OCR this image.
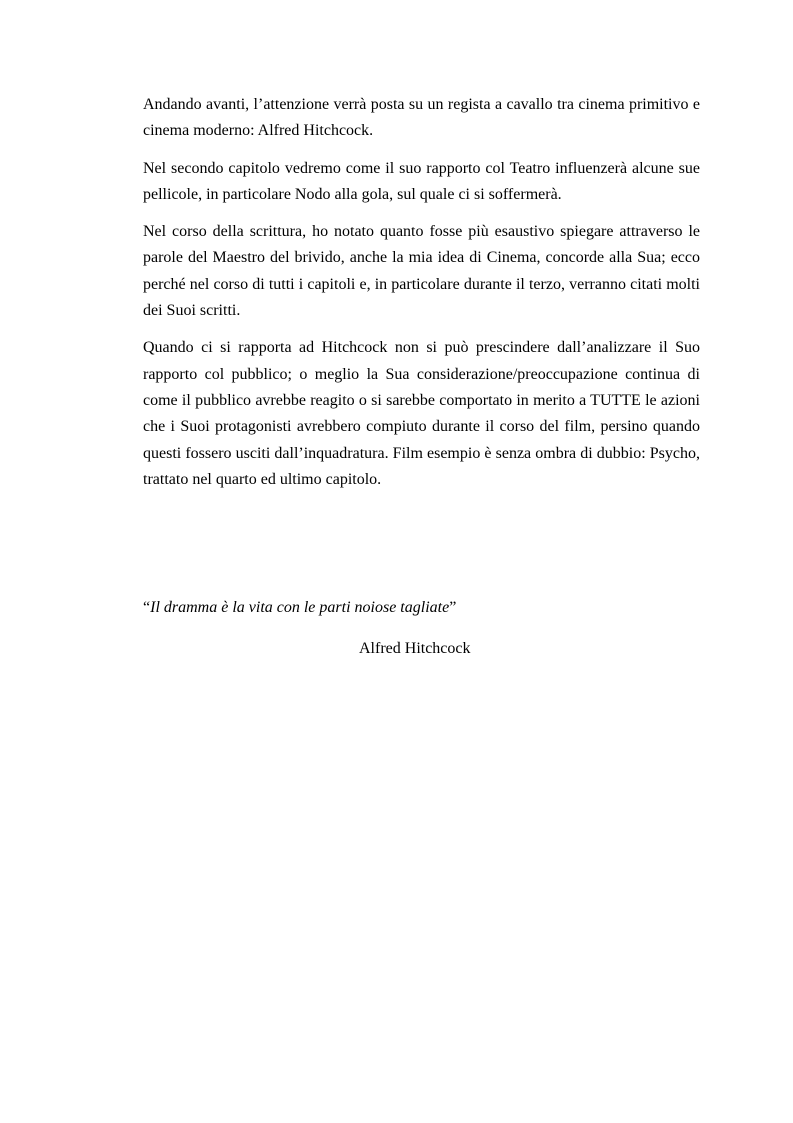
Andando avanti, l’attenzione verrà posta su un regista a cavallo tra cinema primitivo e cinema moderno: Alfred Hitchcock.

Nel secondo capitolo vedremo come il suo rapporto col Teatro influenzerà alcune sue pellicole, in particolare Nodo alla gola, sul quale ci si soffermerà.

Nel corso della scrittura, ho notato quanto fosse più esaustivo spiegare attraverso le parole del Maestro del brivido, anche la mia idea di Cinema, concorde alla Sua; ecco perché nel corso di tutti i capitoli e, in particolare durante il terzo, verranno citati molti dei Suoi scritti.

Quando ci si rapporta ad Hitchcock non si può prescindere dall’analizzare il Suo rapporto col pubblico; o meglio la Sua considerazione/preoccupazione continua di come il pubblico avrebbe reagito o si sarebbe comportato in merito a TUTTE le azioni che i Suoi protagonisti avrebbero compiuto durante il corso del film, persino quando questi fossero usciti dall’inquadratura. Film esempio è senza ombra di dubbio: Psycho, trattato nel quarto ed ultimo capitolo.

“Il dramma è la vita con le parti noiose tagliate”

Alfred Hitchcock
